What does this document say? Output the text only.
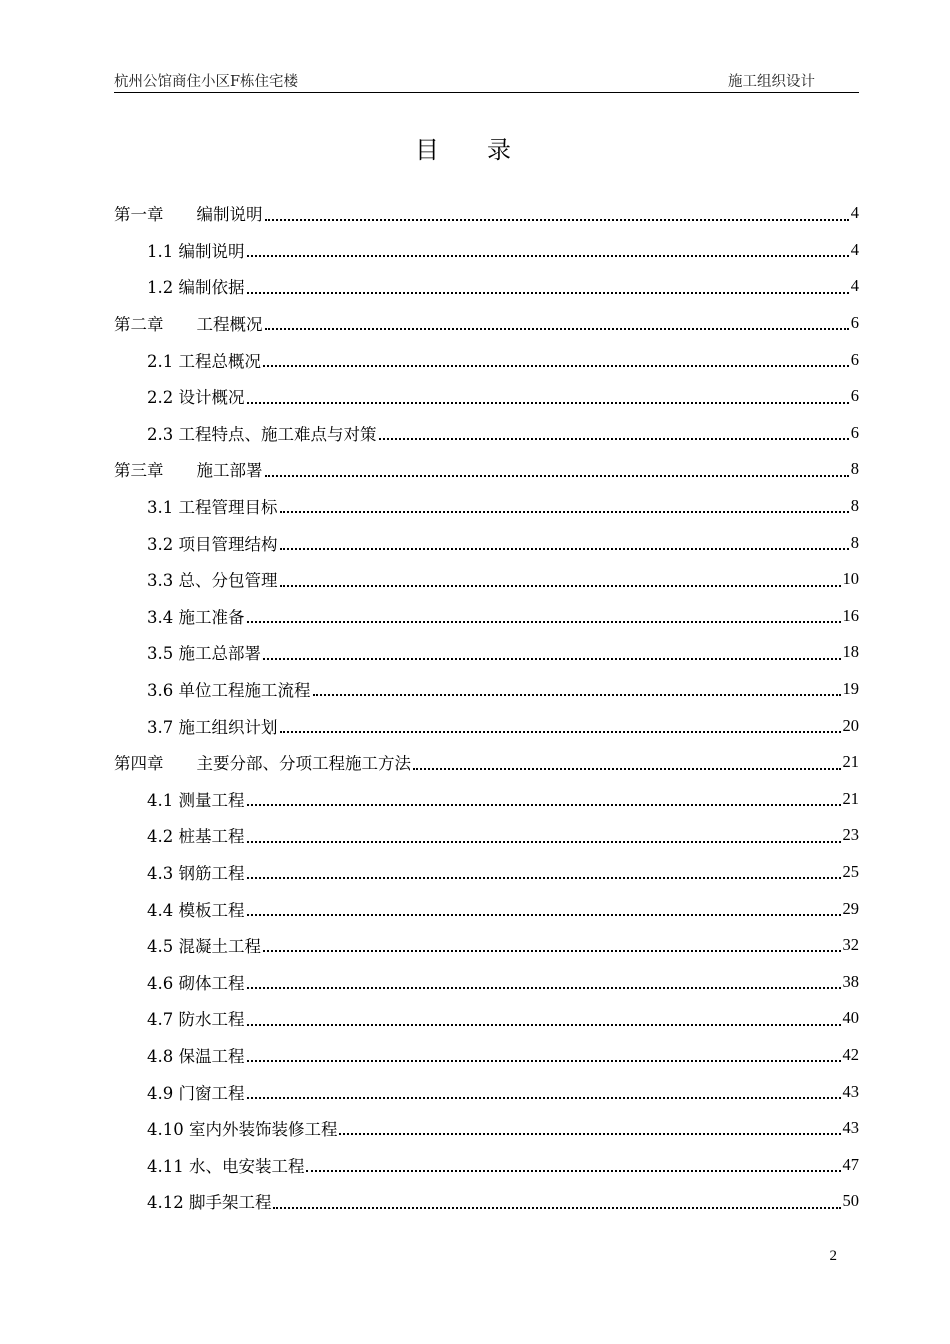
杭州公馆商住小区F栋住宅楼	施工组织设计
目录
第一章　　编制说明	4
1.1 编制说明	4
1.2 编制依据	4
第二章　　工程概况	6
2.1 工程总概况	6
2.2 设计概况	6
2.3 工程特点、施工难点与对策	6
第三章　　施工部署	8
3.1 工程管理目标	8
3.2 项目管理结构	8
3.3 总、分包管理	10
3.4 施工准备	16
3.5 施工总部署	18
3.6 单位工程施工流程	19
3.7 施工组织计划	20
第四章　　主要分部、分项工程施工方法	21
4.1 测量工程	21
4.2 桩基工程	23
4.3 钢筋工程	25
4.4 模板工程	29
4.5 混凝土工程	32
4.6 砌体工程	38
4.7 防水工程	40
4.8 保温工程	42
4.9 门窗工程	43
4.10 室内外装饰装修工程	43
4.11 水、电安装工程	47
4.12 脚手架工程	50
2
